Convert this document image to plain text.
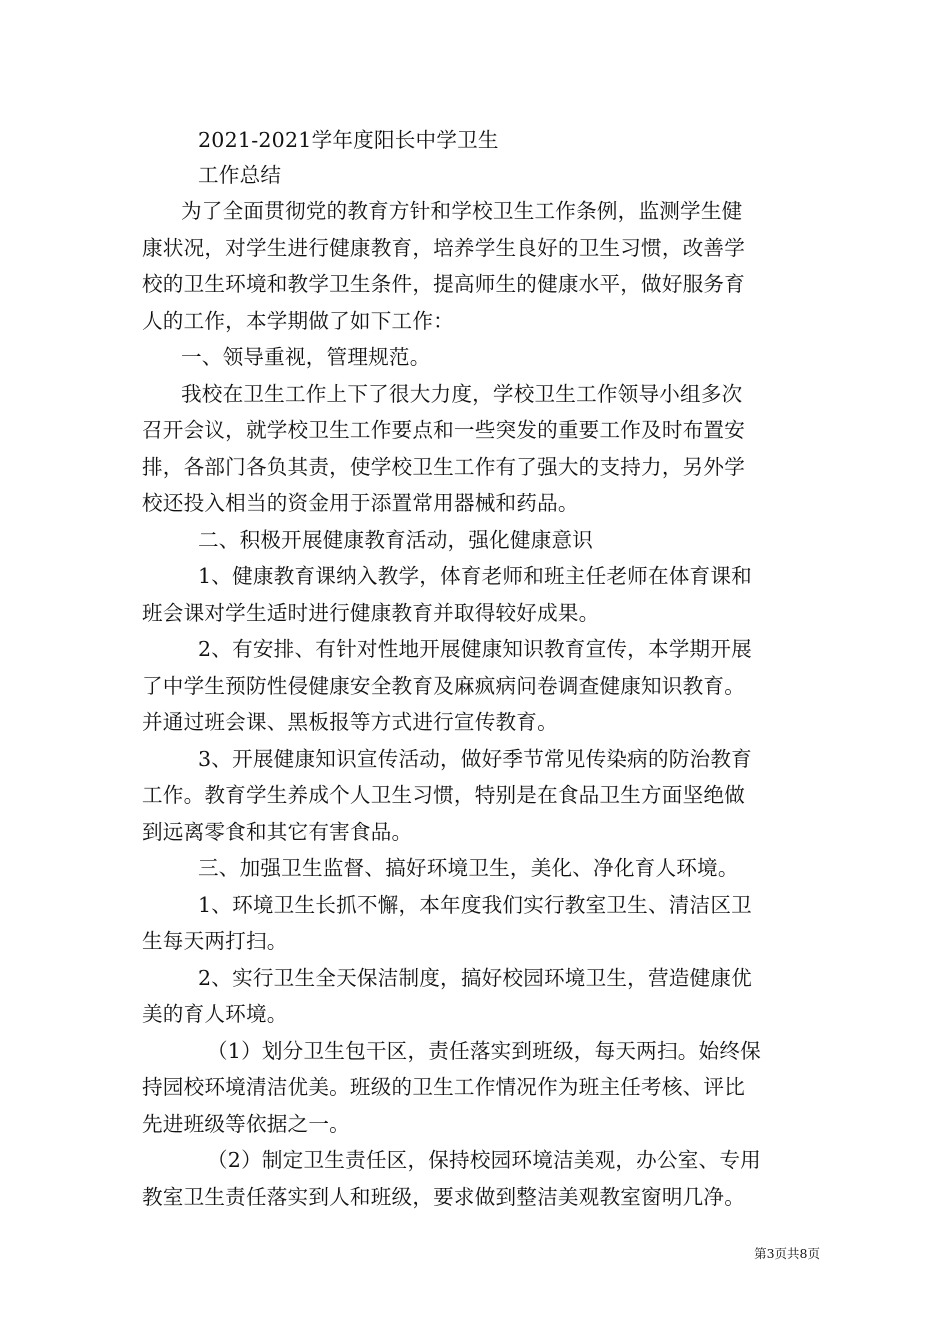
2021-2021学年度阳长中学卫生
工作总结
为了全面贯彻党的教育方针和学校卫生工作条例，监测学生健
康状况，对学生进行健康教育，培养学生良好的卫生习惯，改善学
校的卫生环境和教学卫生条件，提高师生的健康水平，做好服务育
人的工作，本学期做了如下工作：
一、领导重视，管理规范。
我校在卫生工作上下了很大力度，学校卫生工作领导小组多次
召开会议，就学校卫生工作要点和一些突发的重要工作及时布置安
排，各部门各负其责，使学校卫生工作有了强大的支持力，另外学
校还投入相当的资金用于添置常用器械和药品。
二、积极开展健康教育活动，强化健康意识
1、健康教育课纳入教学，体育老师和班主任老师在体育课和
班会课对学生适时进行健康教育并取得较好成果。
2、有安排、有针对性地开展健康知识教育宣传，本学期开展
了中学生预防性侵健康安全教育及麻疯病问卷调查健康知识教育。
并通过班会课、黑板报等方式进行宣传教育。
3、开展健康知识宣传活动，做好季节常见传染病的防治教育
工作。教育学生养成个人卫生习惯，特别是在食品卫生方面坚绝做
到远离零食和其它有害食品。
三、加强卫生监督、搞好环境卫生，美化、净化育人环境。
1、环境卫生长抓不懈，本年度我们实行教室卫生、清洁区卫
生每天两打扫。
2、实行卫生全天保洁制度，搞好校园环境卫生，营造健康优
美的育人环境。
（1）划分卫生包干区，责任落实到班级，每天两扫。始终保
持园校环境清洁优美。班级的卫生工作情况作为班主任考核、评比
先进班级等依据之一。
（2）制定卫生责任区，保持校园环境洁美观，办公室、专用
教室卫生责任落实到人和班级，要求做到整洁美观教室窗明几净。
第3页共8页
